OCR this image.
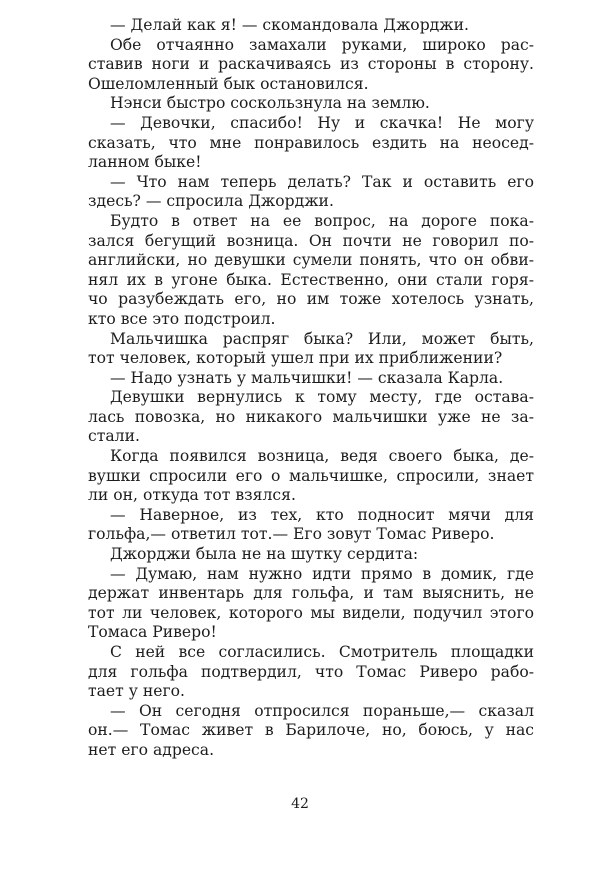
— Делай как я! — скомандовала Джорджи.
Обе отчаянно замахали руками, широко рас-
ставив ноги и раскачиваясь из стороны в сторону.
Ошеломленный бык остановился.
Нэнси быстро соскользнула на землю.
— Девочки, спасибо! Ну и скачка! Не могу
сказать, что мне понравилось ездить на неосед-
ланном быке!
— Что нам теперь делать? Так и оставить его
здесь? — спросила Джорджи.
Будто в ответ на ее вопрос, на дороге пока-
зался бегущий возница. Он почти не говорил по-
английски, но девушки сумели понять, что он обви-
нял их в угоне быка. Естественно, они стали горя-
чо разубеждать его, но им тоже хотелось узнать,
кто все это подстроил.
Мальчишка распряг быка? Или, может быть,
тот человек, который ушел при их приближении?
— Надо узнать у мальчишки! — сказала Карла.
Девушки вернулись к тому месту, где остава-
лась повозка, но никакого мальчишки уже не за-
стали.
Когда появился возница, ведя своего быка, де-
вушки спросили его о мальчишке, спросили, знает
ли он, откуда тот взялся.
— Наверное, из тех, кто подносит мячи для
гольфа,— ответил тот.— Его зовут Томас Риверо.
Джорджи была не на шутку сердита:
— Думаю, нам нужно идти прямо в домик, где
держат инвентарь для гольфа, и там выяснить, не
тот ли человек, которого мы видели, подучил этого
Томаса Риверо!
С ней все согласились. Смотритель площадки
для гольфа подтвердил, что Томас Риверо рабо-
тает у него.
— Он сегодня отпросился пораньше,— сказал
он.— Томас живет в Барилоче, но, боюсь, у нас
нет его адреса.
42
